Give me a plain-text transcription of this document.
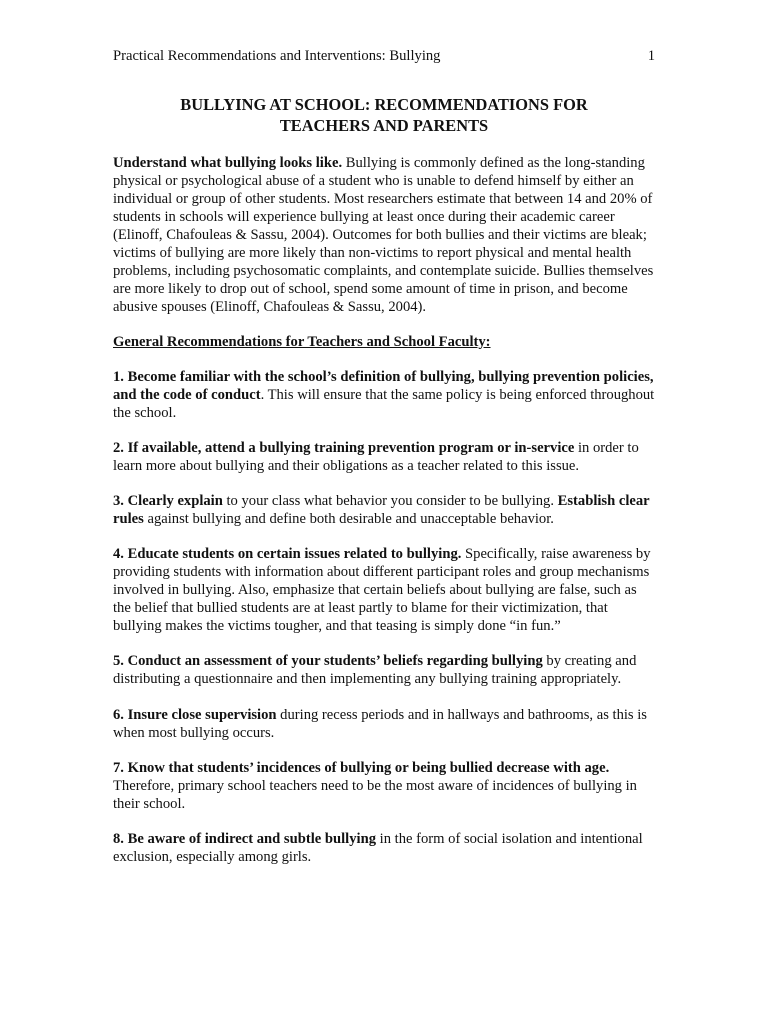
Practical Recommendations and Interventions: Bullying	1
BULLYING AT SCHOOL: RECOMMENDATIONS FOR
TEACHERS AND PARENTS

Understand what bullying looks like. Bullying is commonly defined as the long-standing physical or psychological abuse of a student who is unable to defend himself by either an individual or group of other students. Most researchers estimate that between 14 and 20% of students in schools will experience bullying at least once during their academic career (Elinoff, Chafouleas & Sassu, 2004). Outcomes for both bullies and their victims are bleak; victims of bullying are more likely than non-victims to report physical and mental health problems, including psychosomatic complaints, and contemplate suicide. Bullies themselves are more likely to drop out of school, spend some amount of time in prison, and become abusive spouses (Elinoff, Chafouleas & Sassu, 2004).

General Recommendations for Teachers and School Faculty:

1. Become familiar with the school’s definition of bullying, bullying prevention policies, and the code of conduct. This will ensure that the same policy is being enforced throughout the school.

2. If available, attend a bullying training prevention program or in-service in order to learn more about bullying and their obligations as a teacher related to this issue.

3. Clearly explain to your class what behavior you consider to be bullying. Establish clear rules against bullying and define both desirable and unacceptable behavior.

4. Educate students on certain issues related to bullying. Specifically, raise awareness by providing students with information about different participant roles and group mechanisms involved in bullying. Also, emphasize that certain beliefs about bullying are false, such as the belief that bullied students are at least partly to blame for their victimization, that bullying makes the victims tougher, and that teasing is simply done “in fun.”

5. Conduct an assessment of your students’ beliefs regarding bullying by creating and distributing a questionnaire and then implementing any bullying training appropriately.

6. Insure close supervision during recess periods and in hallways and bathrooms, as this is when most bullying occurs.

7. Know that students’ incidences of bullying or being bullied decrease with age. Therefore, primary school teachers need to be the most aware of incidences of bullying in their school.

8. Be aware of indirect and subtle bullying in the form of social isolation and intentional exclusion, especially among girls.
